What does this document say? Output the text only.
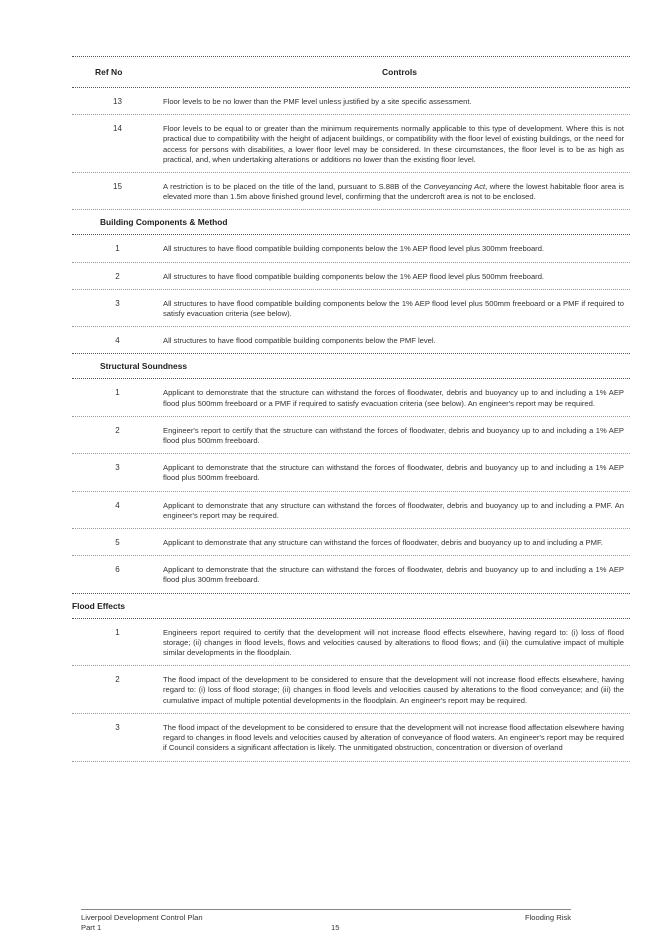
Ref No	Controls
13	Floor levels to be no lower than the PMF level unless justified by a site specific assessment.
14	Floor levels to be equal to or greater than the minimum requirements normally applicable to this type of development. Where this is not practical due to compatibility with the height of adjacent buildings, or compatibility with the floor level of existing buildings, or the need for access for persons with disabilities, a lower floor level may be considered. In these circumstances, the floor level is to be as high as practical, and, when undertaking alterations or additions no lower than the existing floor level.
15	A restriction is to be placed on the title of the land, pursuant to S.88B of the Conveyancing Act, where the lowest habitable floor area is elevated more than 1.5m above finished ground level, confirming that the undercroft area is not to be enclosed.
Building Components & Method
1	All structures to have flood compatible building components below the 1% AEP flood level plus 300mm freeboard.
2	All structures to have flood compatible building components below the 1% AEP flood level plus 500mm freeboard.
3	All structures to have flood compatible building components below the 1% AEP flood level plus 500mm freeboard or a PMF if required to satisfy evacuation criteria (see below).
4	All structures to have flood compatible building components below the PMF level.
Structural Soundness
1	Applicant to demonstrate that the structure can withstand the forces of floodwater, debris and buoyancy up to and including a 1% AEP flood plus 500mm freeboard or a PMF if required to satisfy evacuation criteria (see below). An engineer's report may be required.
2	Engineer's report to certify that the structure can withstand the forces of floodwater, debris and buoyancy up to and including a 1% AEP flood plus 500mm freeboard.
3	Applicant to demonstrate that the structure can withstand the forces of floodwater, debris and buoyancy up to and including a 1% AEP flood plus 500mm freeboard.
4	Applicant to demonstrate that any structure can withstand the forces of floodwater, debris and buoyancy up to and including a PMF. An engineer's report may be required.
5	Applicant to demonstrate that any structure can withstand the forces of floodwater, debris and buoyancy up to and including a PMF.
6	Applicant to demonstrate that the structure can withstand the forces of floodwater, debris and buoyancy up to and including a 1% AEP flood plus 300mm freeboard.
Flood Effects
1	Engineers report required to certify that the development will not increase flood effects elsewhere, having regard to: (i) loss of flood storage; (ii) changes in flood levels, flows and velocities caused by alterations to flood flows; and (iii) the cumulative impact of multiple similar developments in the floodplain.
2	The flood impact of the development to be considered to ensure that the development will not increase flood effects elsewhere, having regard to: (i) loss of flood storage; (ii) changes in flood levels and velocities caused by alterations to the flood conveyance; and (iii) the cumulative impact of multiple potential developments in the floodplain. An engineer's report may be required.
3	The flood impact of the development to be considered to ensure that the development will not increase flood affectation elsewhere having regard to changes in flood levels and velocities caused by alteration of conveyance of flood waters. An engineer's report may be required if Council considers a significant affectation is likely. The unmitigated obstruction, concentration or diversion of overland
Liverpool Development Control Plan
Part 1	15
Flooding Risk
